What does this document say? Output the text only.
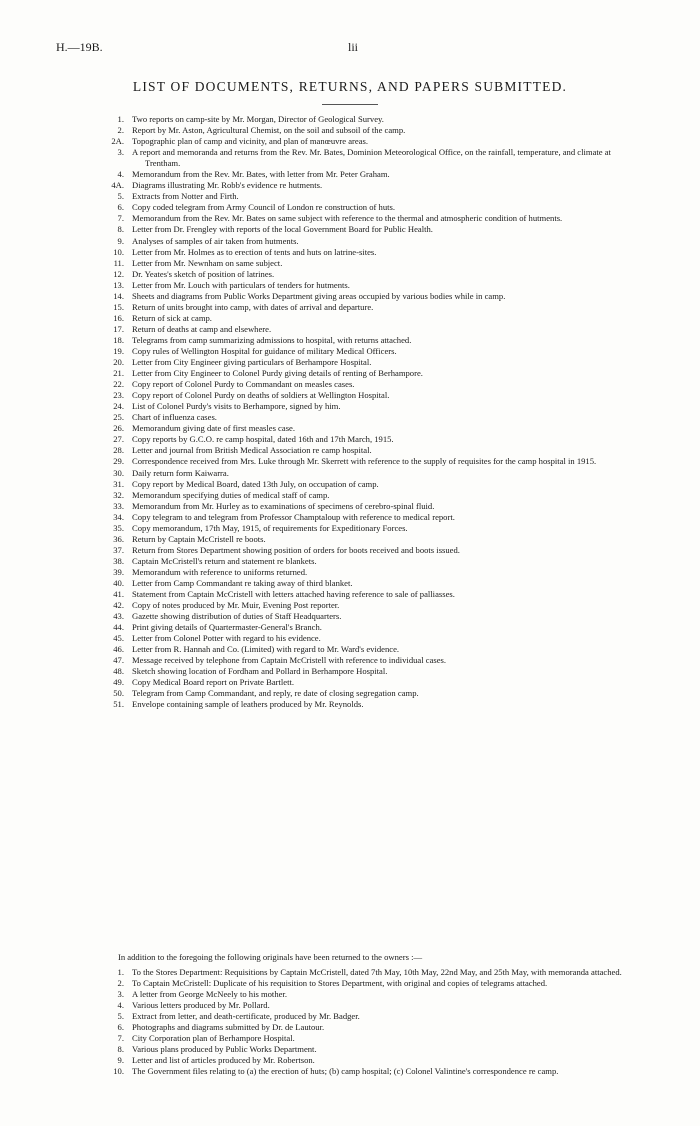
H.—19B.	lii
LIST OF DOCUMENTS, RETURNS, AND PAPERS SUBMITTED.
1. Two reports on camp-site by Mr. Morgan, Director of Geological Survey.
2. Report by Mr. Aston, Agricultural Chemist, on the soil and subsoil of the camp.
2A. Topographic plan of camp and vicinity, and plan of manœuvre areas.
3. A report and memoranda and returns from the Rev. Mr. Bates, Dominion Meteorological Office, on the rainfall, temperature, and climate at Trentham.
4. Memorandum from the Rev. Mr. Bates, with letter from Mr. Peter Graham.
4A. Diagrams illustrating Mr. Robb's evidence re hutments.
5. Extracts from Notter and Firth.
6. Copy coded telegram from Army Council of London re construction of huts.
7. Memorandum from the Rev. Mr. Bates on same subject with reference to the thermal and atmospheric condition of hutments.
8. Letter from Dr. Frengley with reports of the local Government Board for Public Health.
9. Analyses of samples of air taken from hutments.
10. Letter from Mr. Holmes as to erection of tents and huts on latrine-sites.
11. Letter from Mr. Newnham on same subject.
12. Dr. Yeates's sketch of position of latrines.
13. Letter from Mr. Louch with particulars of tenders for hutments.
14. Sheets and diagrams from Public Works Department giving areas occupied by various bodies while in camp.
15. Return of units brought into camp, with dates of arrival and departure.
16. Return of sick at camp.
17. Return of deaths at camp and elsewhere.
18. Telegrams from camp summarizing admissions to hospital, with returns attached.
19. Copy rules of Wellington Hospital for guidance of military Medical Officers.
20. Letter from City Engineer giving particulars of Berhampore Hospital.
21. Letter from City Engineer to Colonel Purdy giving details of renting of Berhampore.
22. Copy report of Colonel Purdy to Commandant on measles cases.
23. Copy report of Colonel Purdy on deaths of soldiers at Wellington Hospital.
24. List of Colonel Purdy's visits to Berhampore, signed by him.
25. Chart of influenza cases.
26. Memorandum giving date of first measles case.
27. Copy reports by G.C.O. re camp hospital, dated 16th and 17th March, 1915.
28. Letter and journal from British Medical Association re camp hospital.
29. Correspondence received from Mrs. Luke through Mr. Skerrett with reference to the supply of requisites for the camp hospital in 1915.
30. Daily return form Kaiwarra.
31. Copy report by Medical Board, dated 13th July, on occupation of camp.
32. Memorandum specifying duties of medical staff of camp.
33. Memorandum from Mr. Hurley as to examinations of specimens of cerebro-spinal fluid.
34. Copy telegram to and telegram from Professor Champtaloup with reference to medical report.
35. Copy memorandum, 17th May, 1915, of requirements for Expeditionary Forces.
36. Return by Captain McCristell re boots.
37. Return from Stores Department showing position of orders for boots received and boots issued.
38. Captain McCristell's return and statement re blankets.
39. Memorandum with reference to uniforms returned.
40. Letter from Camp Commandant re taking away of third blanket.
41. Statement from Captain McCristell with letters attached having reference to sale of palliasses.
42. Copy of notes produced by Mr. Muir, Evening Post reporter.
43. Gazette showing distribution of duties of Staff Headquarters.
44. Print giving details of Quartermaster-General's Branch.
45. Letter from Colonel Potter with regard to his evidence.
46. Letter from R. Hannah and Co. (Limited) with regard to Mr. Ward's evidence.
47. Message received by telephone from Captain McCristell with reference to individual cases.
48. Sketch showing location of Fordham and Pollard in Berhampore Hospital.
49. Copy Medical Board report on Private Bartlett.
50. Telegram from Camp Commandant, and reply, re date of closing segregation camp.
51. Envelope containing sample of leathers produced by Mr. Reynolds.
In addition to the foregoing the following originals have been returned to the owners :—
1. To the Stores Department: Requisitions by Captain McCristell, dated 7th May, 10th May, 22nd May, and 25th May, with memoranda attached.
2. To Captain McCristell: Duplicate of his requisition to Stores Department, with original and copies of telegrams attached.
3. A letter from George McNeely to his mother.
4. Various letters produced by Mr. Pollard.
5. Extract from letter, and death-certificate, produced by Mr. Badger.
6. Photographs and diagrams submitted by Dr. de Lautour.
7. City Corporation plan of Berhampore Hospital.
8. Various plans produced by Public Works Department.
9. Letter and list of articles produced by Mr. Robertson.
10. The Government files relating to (a) the erection of huts; (b) camp hospital; (c) Colonel Valintine's correspondence re camp.
